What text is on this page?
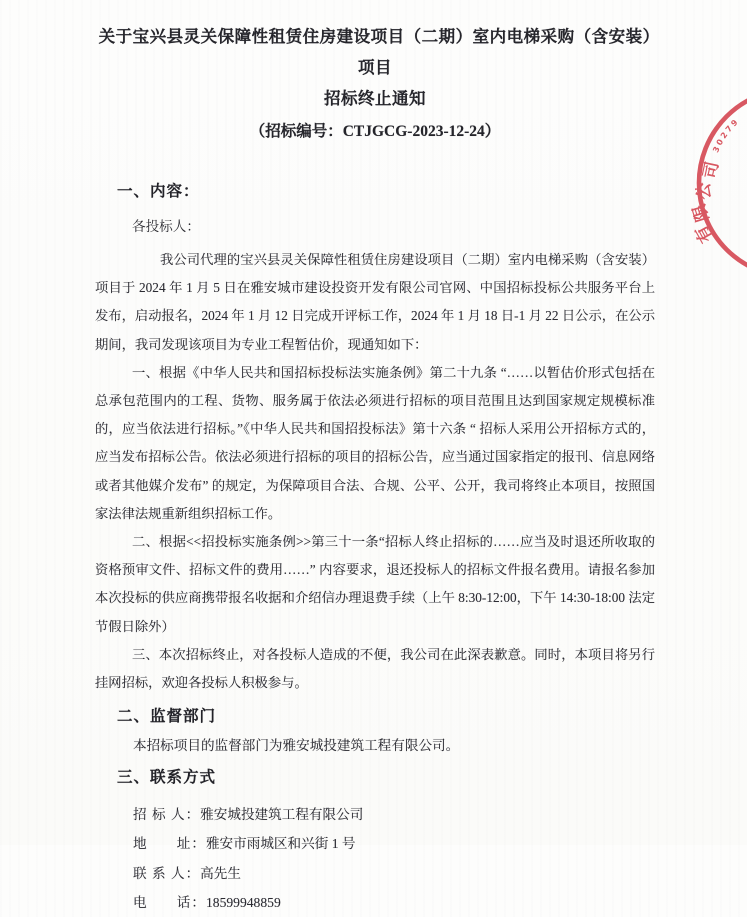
关于宝兴县灵关保障性租赁住房建设项目（二期）室内电梯采购（含安装）项目
招标终止通知
（招标编号：CTJGCG-2023-12-24）
一、内容：
各投标人：

我公司代理的宝兴县灵关保障性租赁住房建设项目（二期）室内电梯采购（含安装）项目于 2024 年 1 月 5 日在雅安城市建设投资开发有限公司官网、中国招标投标公共服务平台上发布，启动报名，2024 年 1 月 12 日完成开评标工作，2024 年 1 月 18 日-1 月 22 日公示，在公示期间，我司发现该项目为专业工程暂估价，现通知如下：

一、根据《中华人民共和国招标投标法实施条例》第二十九条 “……以暂估价形式包括在总承包范围内的工程、货物、服务属于依法必须进行招标的项目范围且达到国家规定规模标准的，应当依法进行招标。”《中华人民共和国招投标法》第十六条 “ 招标人采用公开招标方式的，应当发布招标公告。依法必须进行招标的项目的招标公告，应当通过国家指定的报刊、信息网络或者其他媒介发布” 的规定，为保障项目合法、合规、公平、公开，我司将终止本项目，按照国家法律法规重新组织招标工作。

二、根据<<招投标实施条例>>第三十一条“招标人终止招标的……应当及时退还所收取的资格预审文件、招标文件的费用……” 内容要求，退还投标人的招标文件报名费用。请报名参加本次投标的供应商携带报名收据和介绍信办理退费手续（上午 8:30-12:00，下午 14:30-18:00 法定节假日除外）

三、本次招标终止，对各投标人造成的不便，我公司在此深表歉意。同时，本项目将另行挂网招标，欢迎各投标人积极参与。

二、监督部门
本招标项目的监督部门为雅安城投建筑工程有限公司。
三、联系方式
招 标 人：雅安城投建筑工程有限公司
地　　址：雅安市雨城区和兴街 1 号
联 系 人：高先生
电　　话：18599948859
30279
司
公
限
有
